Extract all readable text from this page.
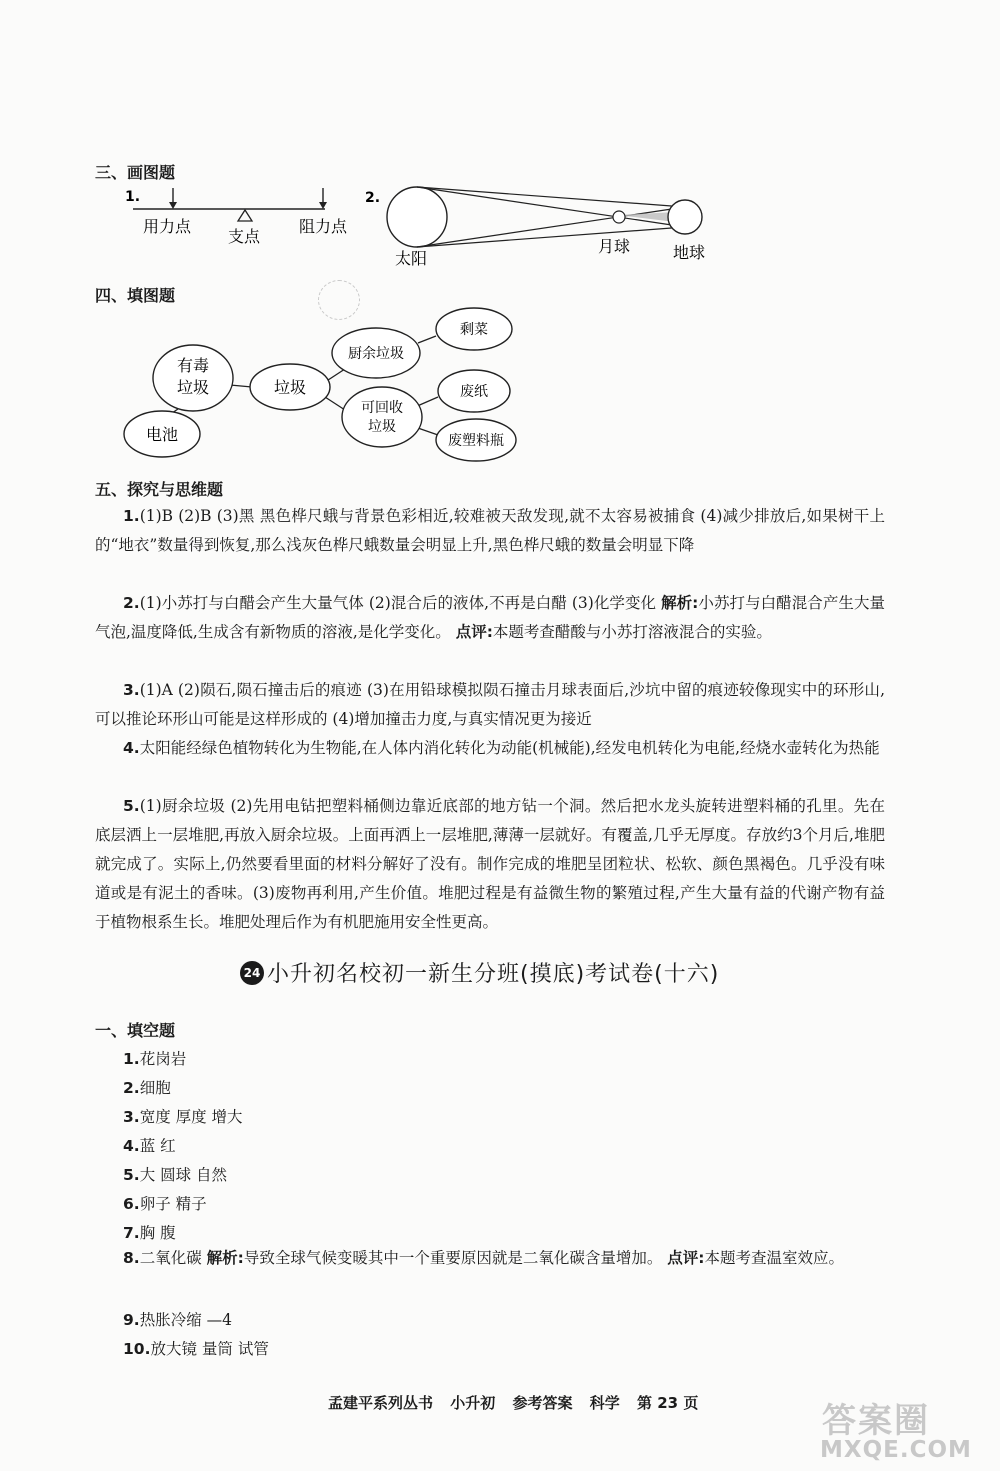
三、画图题
1.
用力点
支点
阻力点
2.
太阳
月球	地球
四、填图题
有毒
垃圾
电池
垃圾
厨余垃圾
剩菜
可回收
垃圾
废纸
废塑料瓶
五、探究与思维题
1.(1)B (2)B (3)黑 黑色桦尺蛾与背景色彩相近,较难被天敌发现,就不太容易被捕食 (4)减少排放后,如果树干上的“地衣”数量得到恢复,那么浅灰色桦尺蛾数量会明显上升,黑色桦尺蛾的数量会明显下降
2.(1)小苏打与白醋会产生大量气体 (2)混合后的液体,不再是白醋 (3)化学变化 解析:小苏打与白醋混合产生大量气泡,温度降低,生成含有新物质的溶液,是化学变化。 点评:本题考查醋酸与小苏打溶液混合的实验。
3.(1)A (2)陨石,陨石撞击后的痕迹 (3)在用铅球模拟陨石撞击月球表面后,沙坑中留的痕迹较像现实中的环形山,可以推论环形山可能是这样形成的 (4)增加撞击力度,与真实情况更为接近
4.太阳能经绿色植物转化为生物能,在人体内消化转化为动能(机械能),经发电机转化为电能,经烧水壶转化为热能
5.(1)厨余垃圾 (2)先用电钻把塑料桶侧边靠近底部的地方钻一个洞。然后把水龙头旋转进塑料桶的孔里。先在底层洒上一层堆肥,再放入厨余垃圾。上面再洒上一层堆肥,薄薄一层就好。有覆盖,几乎无厚度。存放约3个月后,堆肥就完成了。实际上,仍然要看里面的材料分解好了没有。制作完成的堆肥呈团粒状、松软、颜色黑褐色。几乎没有味道或是有泥土的香味。(3)废物再利用,产生价值。堆肥过程是有益微生物的繁殖过程,产生大量有益的代谢产物有益于植物根系生长。堆肥处理后作为有机肥施用安全性更高。
24 小升初名校初一新生分班(摸底)考试卷(十六)
一、填空题
1.花岗岩
2.细胞
3.宽度 厚度 增大
4.蓝 红
5.大 圆球 自然
6.卵子 精子
7.胸 腹
8.二氧化碳 解析:导致全球气候变暖其中一个重要原因就是二氧化碳含量增加。 点评:本题考查温室效应。
9.热胀冷缩 —4
10.放大镜 量筒 试管
孟建平系列丛书 小升初 参考答案 科学 第 23 页	答案圈
MXQE.COM
